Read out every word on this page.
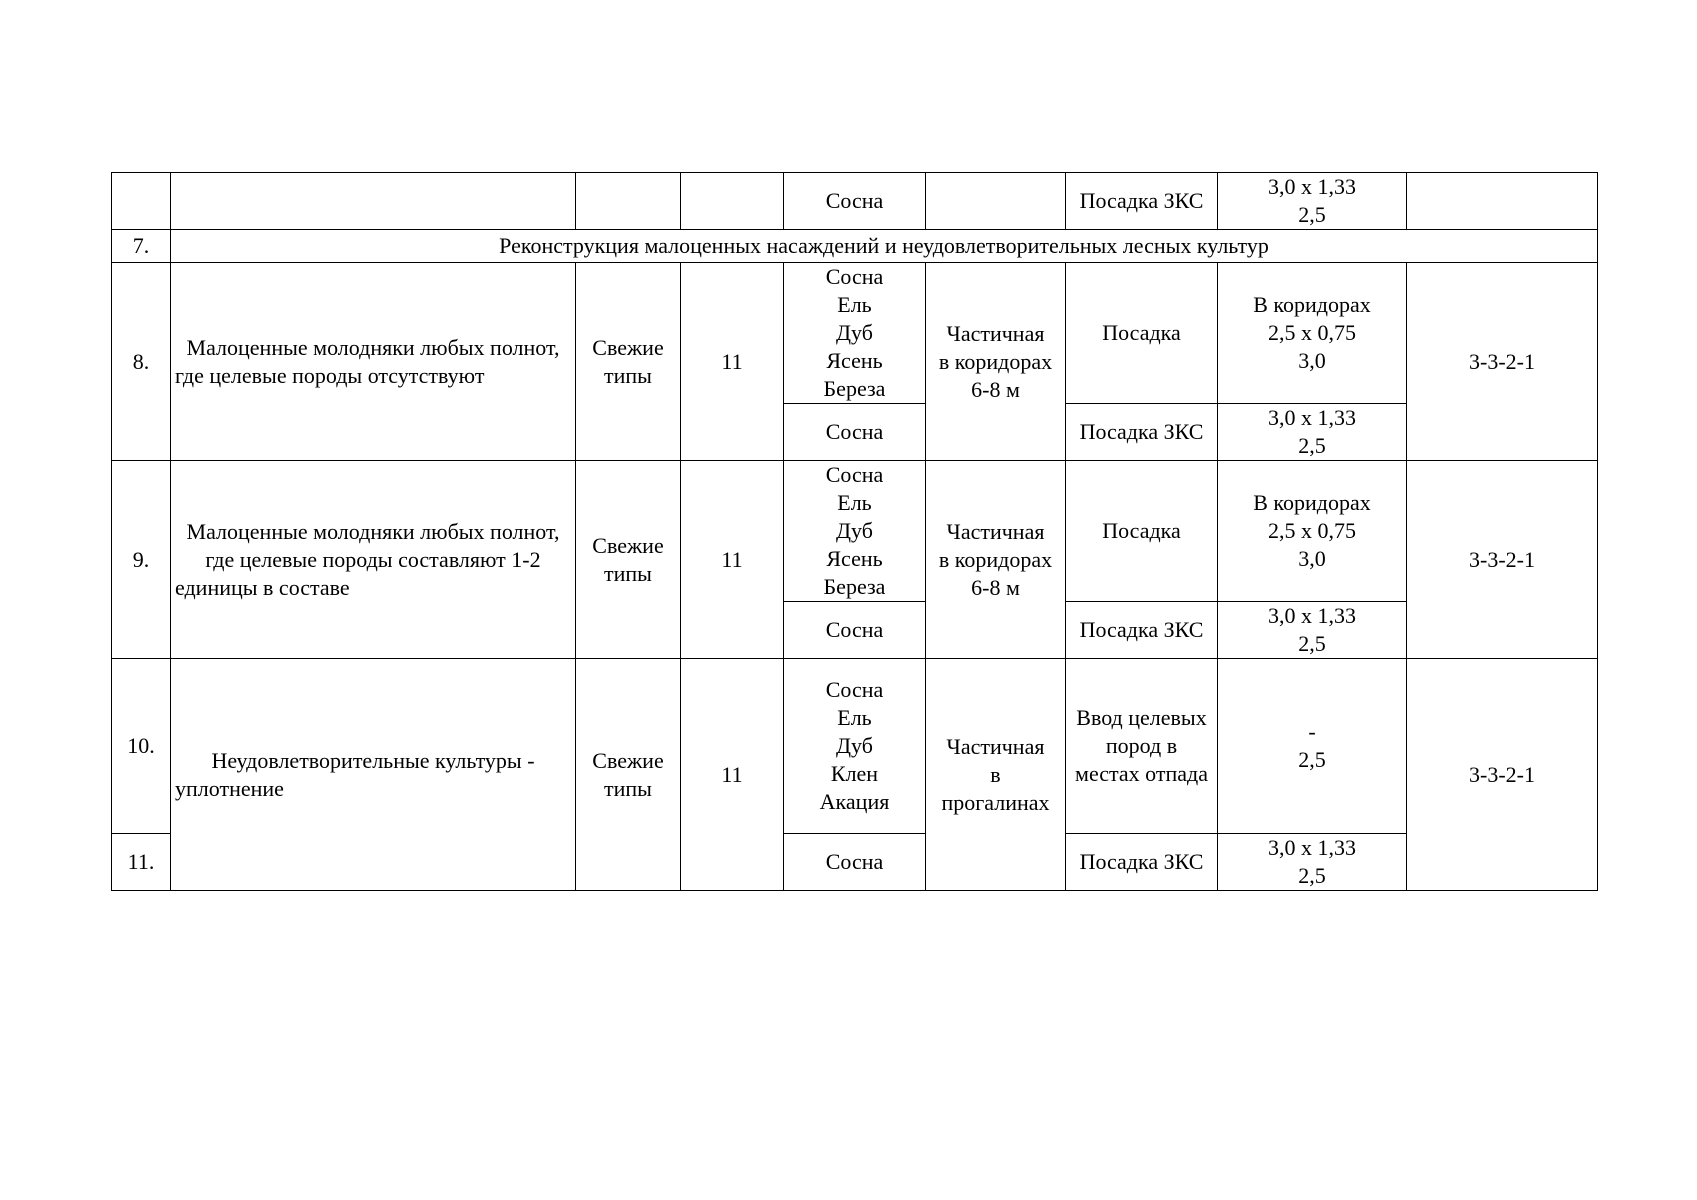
				Сосна		Посадка ЗКС	3,0 х 1,33
2,5	
7.	Реконструкция малоценных насаждений и неудовлетворительных лесных культур							
8.	Малоценные молодняки любых полнот, где целевые породы отсутствуют	Свежие
типы	11	Сосна
Ель
Дуб
Ясень
Береза	Частичная
в коридорах
6-8 м	Посадка	В коридорах
2,5 х 0,75
3,0	3-3-2-1
				Сосна		Посадка ЗКС	3,0 х 1,33
2,5	
9.	Малоценные молодняки любых полнот, где целевые породы составляют 1-2 единицы в составе	Свежие
типы	11	Сосна
Ель
Дуб
Ясень
Береза	Частичная
в коридорах
6-8 м	Посадка	В коридорах
2,5 х 0,75
3,0	3-3-2-1
				Сосна		Посадка ЗКС	3,0 х 1,33
2,5	
10.	Неудовлетворительные культуры - уплотнение	Свежие
типы	11	Сосна
Ель
Дуб
Клен
Акация	Частичная
в
прогалинах	Ввод целевых
пород в
местах отпада	-
2,5	3-3-2-1
11.				Сосна		Посадка ЗКС	3,0 х 1,33
2,5	
